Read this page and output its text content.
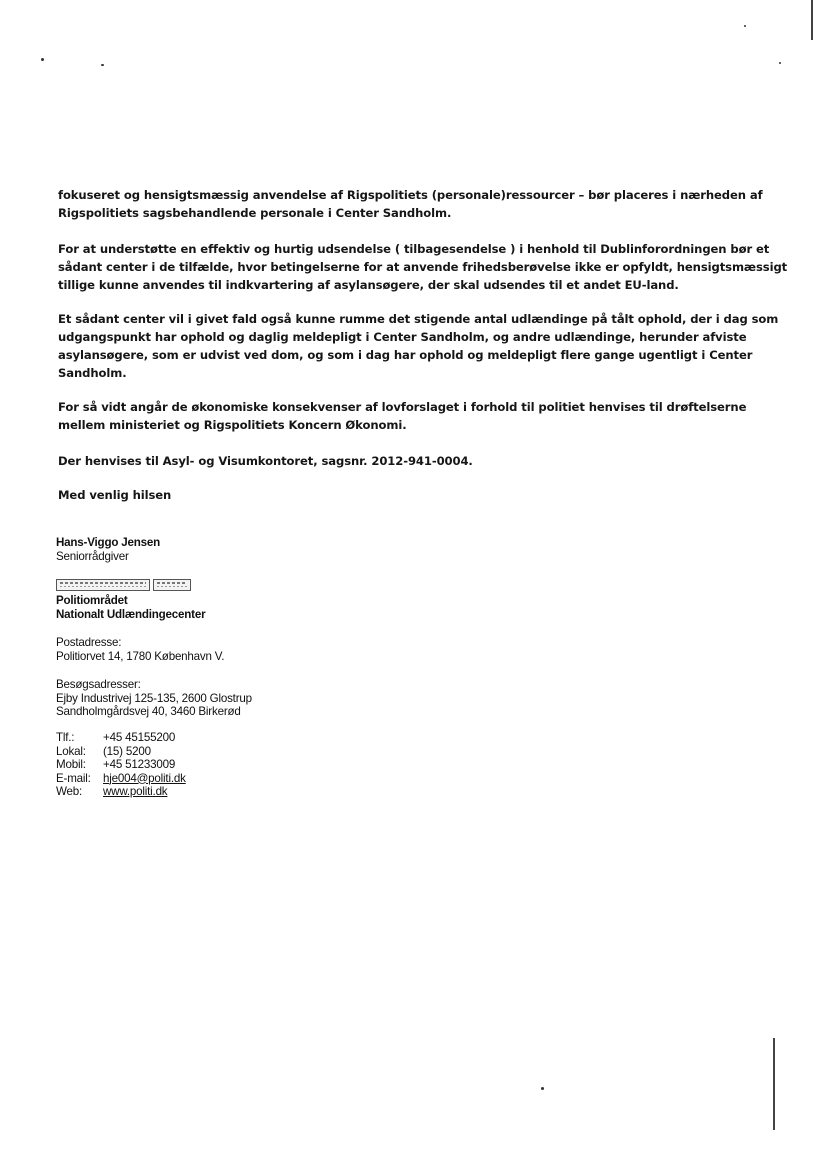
fokuseret og hensigtsmæssig anvendelse af Rigspolitiets (personale)ressourcer – bør placeres i nærheden af
Rigspolitiets sagsbehandlende personale i Center Sandholm.
For at understøtte en effektiv og hurtig udsendelse ( tilbagesendelse ) i henhold til Dublinforordningen bør et
sådant center i de tilfælde, hvor betingelserne for at anvende frihedsberøvelse ikke er opfyldt, hensigtsmæssigt
tillige kunne anvendes til indkvartering af asylansøgere, der skal udsendes til et andet EU-land.
Et sådant center vil i givet fald også kunne rumme det stigende antal udlændinge på tålt ophold, der i dag som
udgangspunkt har ophold og daglig meldepligt i Center Sandholm, og andre udlændinge, herunder afviste
asylansøgere, som er udvist ved dom, og som i dag har ophold og meldepligt flere gange ugentligt i Center
Sandholm.
For så vidt angår de økonomiske konsekvenser af lovforslaget i forhold til politiet henvises til drøftelserne
mellem ministeriet og Rigspolitiets Koncern Økonomi.
Der henvises til Asyl- og Visumkontoret, sagsnr. 2012-941-0004.
Med venlig hilsen
Hans-Viggo Jensen
Seniorrådgiver
Politiområdet
Nationalt Udlændingecenter
Postadresse:
Politiorvet 14, 1780 København V.
Besøgsadresser:
Ejby Industrivej 125-135, 2600 Glostrup
Sandholmgårdsvej 40, 3460 Birkerød
Tlf.:	+45 45155200
Lokal:	(15) 5200
Mobil:	+45 51233009
E-mail:	hje004@politi.dk
Web:	www.politi.dk
